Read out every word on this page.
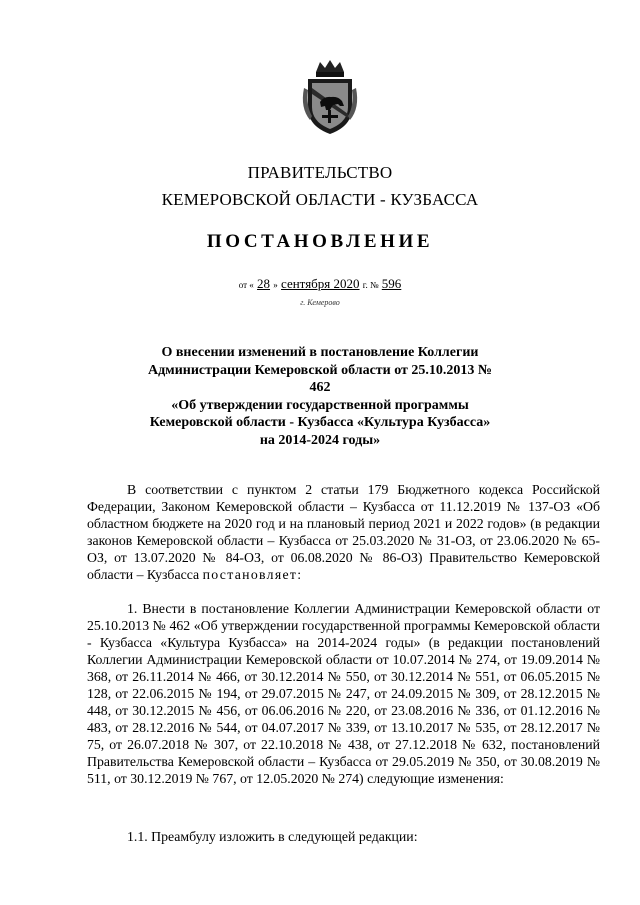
ПРАВИТЕЛЬСТВО
КЕМЕРОВСКОЙ ОБЛАСТИ - КУЗБАССА
ПОСТАНОВЛЕНИЕ
от « 28 » сентября 2020 г. № 596
г. Кемерово
О внесении изменений в постановление Коллегии
Администрации Кемеровской области от 25.10.2013 № 462
«Об утверждении государственной программы
Кемеровской области - Кузбасса «Культура Кузбасса»
на 2014-2024 годы»
В соответствии с пунктом 2 статьи 179 Бюджетного кодекса Российской Федерации, Законом Кемеровской области – Кузбасса от 11.12.2019 № 137-ОЗ «Об областном бюджете на 2020 год и на плановый период 2021 и 2022 годов» (в редакции законов Кемеровской области – Кузбасса от 25.03.2020 № 31-ОЗ, от 23.06.2020 № 65-ОЗ, от 13.07.2020 № 84-ОЗ, от 06.08.2020 № 86-ОЗ) Правительство Кемеровской области – Кузбасса постановляет:
1. Внести в постановление Коллегии Администрации Кемеровской области от 25.10.2013 № 462 «Об утверждении государственной программы Кемеровской области - Кузбасса «Культура Кузбасса» на 2014-2024 годы» (в редакции постановлений Коллегии Администрации Кемеровской области от 10.07.2014 № 274, от 19.09.2014 № 368, от 26.11.2014 № 466, от 30.12.2014 № 550, от 30.12.2014 № 551, от 06.05.2015 № 128, от 22.06.2015 № 194, от 29.07.2015 № 247, от 24.09.2015 № 309, от 28.12.2015 № 448, от 30.12.2015 № 456, от 06.06.2016 № 220, от 23.08.2016 № 336, от 01.12.2016 № 483, от 28.12.2016 № 544, от 04.07.2017 № 339, от 13.10.2017 № 535, от 28.12.2017 № 75, от 26.07.2018 № 307, от 22.10.2018 № 438, от 27.12.2018 № 632, постановлений Правительства Кемеровской области – Кузбасса от 29.05.2019 № 350, от 30.08.2019 № 511, от 30.12.2019 № 767, от 12.05.2020 № 274) следующие изменения:
1.1. Преамбулу изложить в следующей редакции:
